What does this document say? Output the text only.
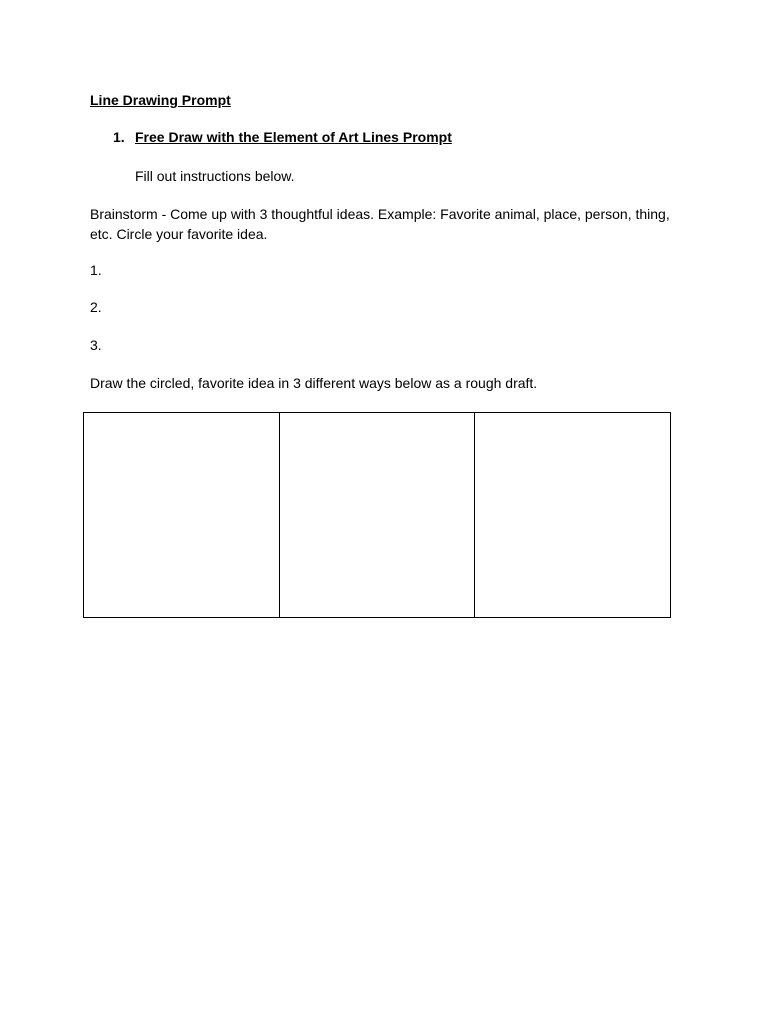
Line Drawing Prompt
1. Free Draw with the Element of Art Lines Prompt
Fill out instructions below.
Brainstorm - Come up with 3 thoughtful ideas. Example: Favorite animal, place, person, thing, etc. Circle your favorite idea.
1.
2.
3.
Draw the circled, favorite idea in 3 different ways below as a rough draft.
